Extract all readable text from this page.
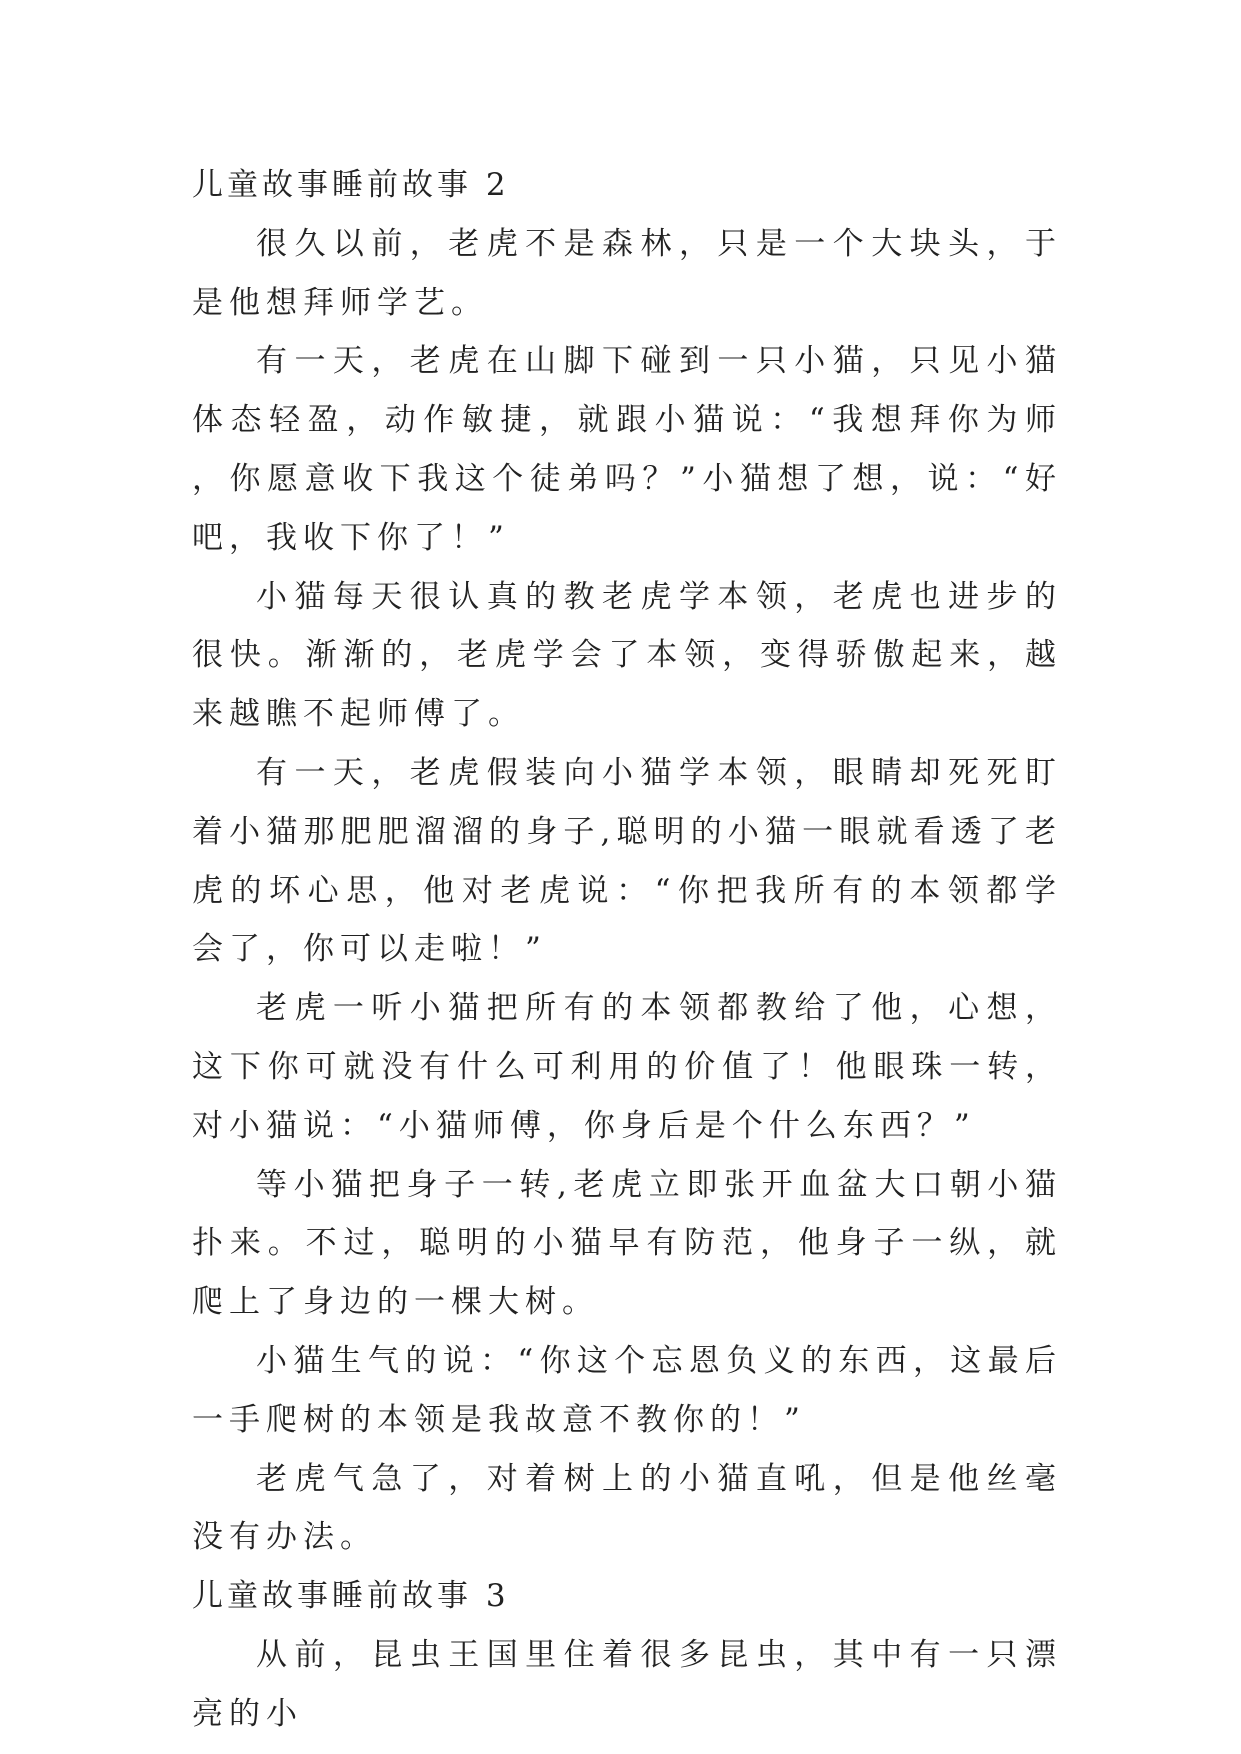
儿童故事睡前故事 2

很久以前，老虎不是森林，只是一个大块头，于是他想拜师学艺。

有一天，老虎在山脚下碰到一只小猫，只见小猫体态轻盈，动作敏捷，就跟小猫说：“我想拜你为师，你愿意收下我这个徒弟吗？”小猫想了想，说：“好吧，我收下你了！”

小猫每天很认真的教老虎学本领，老虎也进步的很快。渐渐的，老虎学会了本领，变得骄傲起来，越来越瞧不起师傅了。

有一天，老虎假装向小猫学本领，眼睛却死死盯着小猫那肥肥溜溜的身子,聪明的小猫一眼就看透了老虎的坏心思，他对老虎说：“你把我所有的本领都学会了，你可以走啦！”

老虎一听小猫把所有的本领都教给了他，心想，这下你可就没有什么可利用的价值了！他眼珠一转，对小猫说：“小猫师傅，你身后是个什么东西？”

等小猫把身子一转,老虎立即张开血盆大口朝小猫扑来。不过，聪明的小猫早有防范，他身子一纵，就爬上了身边的一棵大树。

小猫生气的说：“你这个忘恩负义的东西，这最后一手爬树的本领是我故意不教你的！”

老虎气急了，对着树上的小猫直吼，但是他丝毫没有办法。

儿童故事睡前故事 3

从前，昆虫王国里住着很多昆虫，其中有一只漂亮的小
